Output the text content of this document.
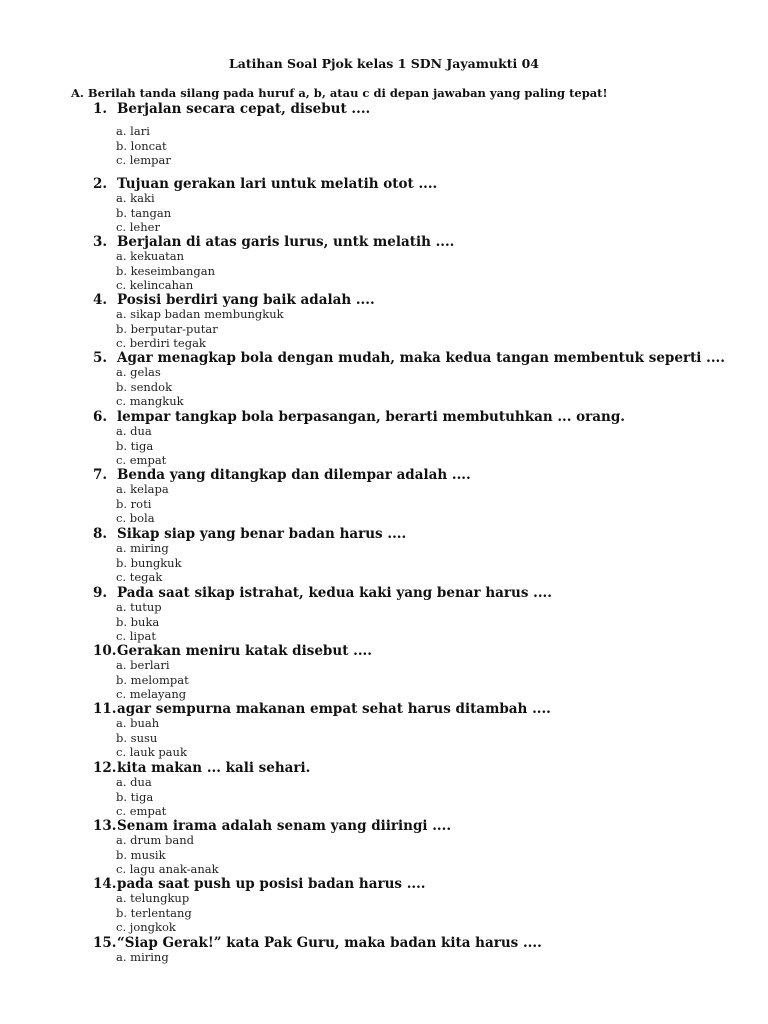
Latihan Soal Pjok kelas 1 SDN Jayamukti 04
A. Berilah tanda silang pada huruf a, b, atau c di depan jawaban yang paling tepat!
1. Berjalan secara cepat, disebut ....
a. lari
b. loncat
c. lempar
2. Tujuan gerakan lari untuk melatih otot ....
a. kaki
b. tangan
c. leher
3. Berjalan di atas garis lurus, untk melatih ....
a. kekuatan
b. keseimbangan
c. kelincahan
4. Posisi berdiri yang baik adalah ....
a. sikap badan membungkuk
b. berputar-putar
c. berdiri tegak
5. Agar menagkap bola dengan mudah, maka kedua tangan membentuk seperti ....
a. gelas
b. sendok
c. mangkuk
6. lempar tangkap bola berpasangan, berarti membutuhkan ... orang.
a. dua
b. tiga
c. empat
7. Benda yang ditangkap dan dilempar adalah ....
a. kelapa
b. roti
c. bola
8. Sikap siap yang benar badan harus ....
a. miring
b. bungkuk
c. tegak
9. Pada saat sikap istrahat, kedua kaki yang benar harus ....
a. tutup
b. buka
c. lipat
10.Gerakan meniru katak disebut ....
a. berlari
b. melompat
c. melayang
11.agar sempurna makanan empat sehat harus ditambah ....
a. buah
b. susu
c. lauk pauk
12.kita makan ... kali sehari.
a. dua
b. tiga
c. empat
13.Senam irama adalah senam yang diiringi ....
a. drum band
b. musik
c. lagu anak-anak
14.pada saat push up posisi badan harus ....
a. telungkup
b. terlentang
c. jongkok
15.“Siap Gerak!” kata Pak Guru, maka badan kita harus ....
a. miring
